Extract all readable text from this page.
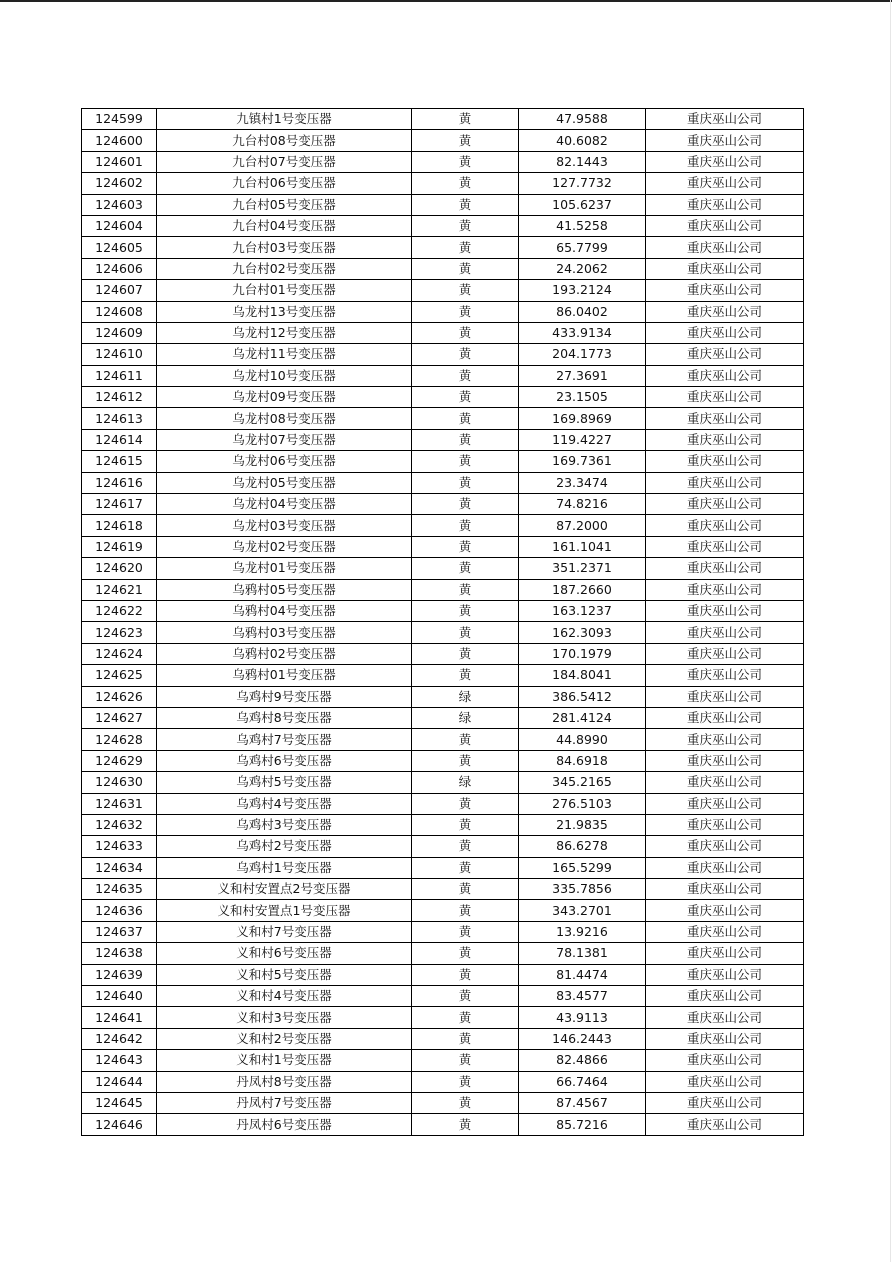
124599	九镇村1号变压器	黄	47.9588	重庆巫山公司
124600	九台村08号变压器	黄	40.6082	重庆巫山公司
124601	九台村07号变压器	黄	82.1443	重庆巫山公司
124602	九台村06号变压器	黄	127.7732	重庆巫山公司
124603	九台村05号变压器	黄	105.6237	重庆巫山公司
124604	九台村04号变压器	黄	41.5258	重庆巫山公司
124605	九台村03号变压器	黄	65.7799	重庆巫山公司
124606	九台村02号变压器	黄	24.2062	重庆巫山公司
124607	九台村01号变压器	黄	193.2124	重庆巫山公司
124608	乌龙村13号变压器	黄	86.0402	重庆巫山公司
124609	乌龙村12号变压器	黄	433.9134	重庆巫山公司
124610	乌龙村11号变压器	黄	204.1773	重庆巫山公司
124611	乌龙村10号变压器	黄	27.3691	重庆巫山公司
124612	乌龙村09号变压器	黄	23.1505	重庆巫山公司
124613	乌龙村08号变压器	黄	169.8969	重庆巫山公司
124614	乌龙村07号变压器	黄	119.4227	重庆巫山公司
124615	乌龙村06号变压器	黄	169.7361	重庆巫山公司
124616	乌龙村05号变压器	黄	23.3474	重庆巫山公司
124617	乌龙村04号变压器	黄	74.8216	重庆巫山公司
124618	乌龙村03号变压器	黄	87.2000	重庆巫山公司
124619	乌龙村02号变压器	黄	161.1041	重庆巫山公司
124620	乌龙村01号变压器	黄	351.2371	重庆巫山公司
124621	乌鸦村05号变压器	黄	187.2660	重庆巫山公司
124622	乌鸦村04号变压器	黄	163.1237	重庆巫山公司
124623	乌鸦村03号变压器	黄	162.3093	重庆巫山公司
124624	乌鸦村02号变压器	黄	170.1979	重庆巫山公司
124625	乌鸦村01号变压器	黄	184.8041	重庆巫山公司
124626	乌鸡村9号变压器	绿	386.5412	重庆巫山公司
124627	乌鸡村8号变压器	绿	281.4124	重庆巫山公司
124628	乌鸡村7号变压器	黄	44.8990	重庆巫山公司
124629	乌鸡村6号变压器	黄	84.6918	重庆巫山公司
124630	乌鸡村5号变压器	绿	345.2165	重庆巫山公司
124631	乌鸡村4号变压器	黄	276.5103	重庆巫山公司
124632	乌鸡村3号变压器	黄	21.9835	重庆巫山公司
124633	乌鸡村2号变压器	黄	86.6278	重庆巫山公司
124634	乌鸡村1号变压器	黄	165.5299	重庆巫山公司
124635	义和村安置点2号变压器	黄	335.7856	重庆巫山公司
124636	义和村安置点1号变压器	黄	343.2701	重庆巫山公司
124637	义和村7号变压器	黄	13.9216	重庆巫山公司
124638	义和村6号变压器	黄	78.1381	重庆巫山公司
124639	义和村5号变压器	黄	81.4474	重庆巫山公司
124640	义和村4号变压器	黄	83.4577	重庆巫山公司
124641	义和村3号变压器	黄	43.9113	重庆巫山公司
124642	义和村2号变压器	黄	146.2443	重庆巫山公司
124643	义和村1号变压器	黄	82.4866	重庆巫山公司
124644	丹凤村8号变压器	黄	66.7464	重庆巫山公司
124645	丹凤村7号变压器	黄	87.4567	重庆巫山公司
124646	丹凤村6号变压器	黄	85.7216	重庆巫山公司
